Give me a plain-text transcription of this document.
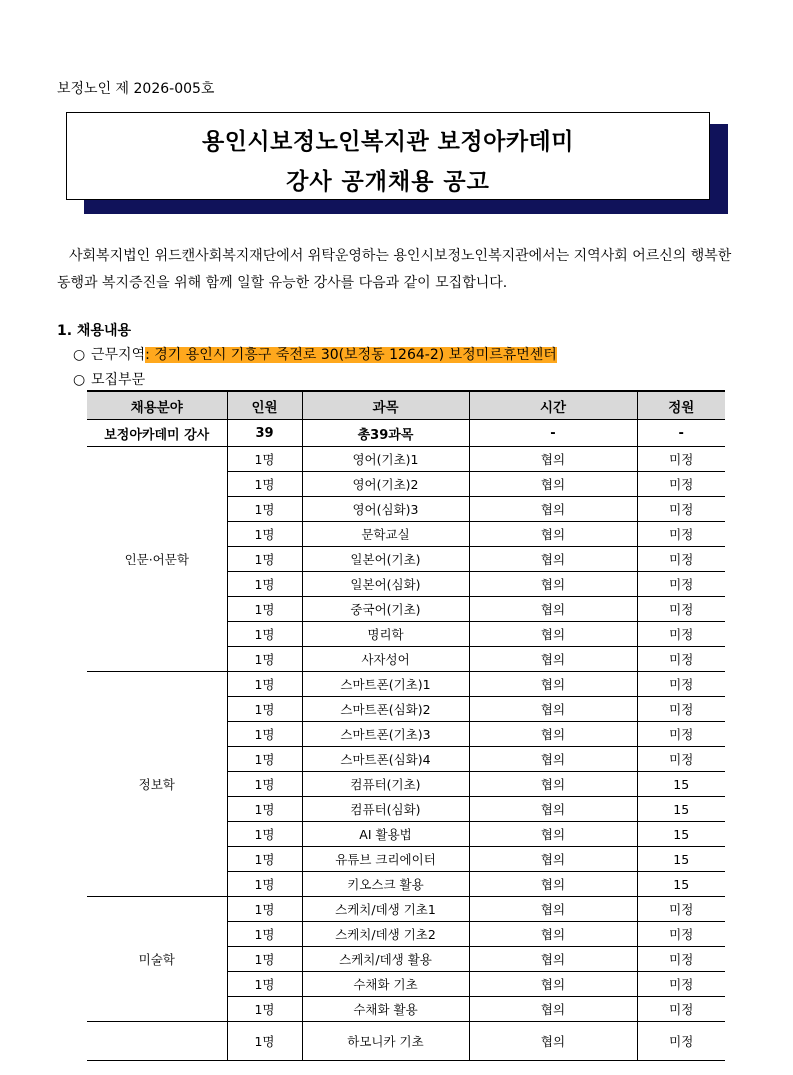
보정노인 제 2026-005호
용인시보정노인복지관 보정아카데미
강사 공개채용 공고
사회복지법인 위드캔사회복지재단에서 위탁운영하는 용인시보정노인복지관에서는 지역사회 어르신의 행복한 동행과 복지증진을 위해 함께 일할 유능한 강사를 다음과 같이 모집합니다.
1. 채용내용
○ 근무지역: 경기 용인시 기흥구 죽전로 30(보정동 1264-2) 보정미르휴먼센터
○ 모집부문
채용분야	인원	과목	시간	정원
보정아카데미 강사	39	총39과목	-	-
인문·어문학	1명	영어(기초)1	협의	미정
	1명	영어(기초)2	협의	미정
	1명	영어(심화)3	협의	미정
	1명	문학교실	협의	미정
	1명	일본어(기초)	협의	미정
	1명	일본어(심화)	협의	미정
	1명	중국어(기초)	협의	미정
	1명	명리학	협의	미정
	1명	사자성어	협의	미정
정보학	1명	스마트폰(기초)1	협의	미정
	1명	스마트폰(심화)2	협의	미정
	1명	스마트폰(기초)3	협의	미정
	1명	스마트폰(심화)4	협의	미정
	1명	컴퓨터(기초)	협의	15
	1명	컴퓨터(심화)	협의	15
	1명	AI 활용법	협의	15
	1명	유튜브 크리에이터	협의	15
	1명	키오스크 활용	협의	15
미술학	1명	스케치/데생 기초1	협의	미정
	1명	스케치/데생 기초2	협의	미정
	1명	스케치/데생 활용	협의	미정
	1명	수채화 기초	협의	미정
	1명	수채화 활용	협의	미정
	1명	하모니카 기초	협의	미정
